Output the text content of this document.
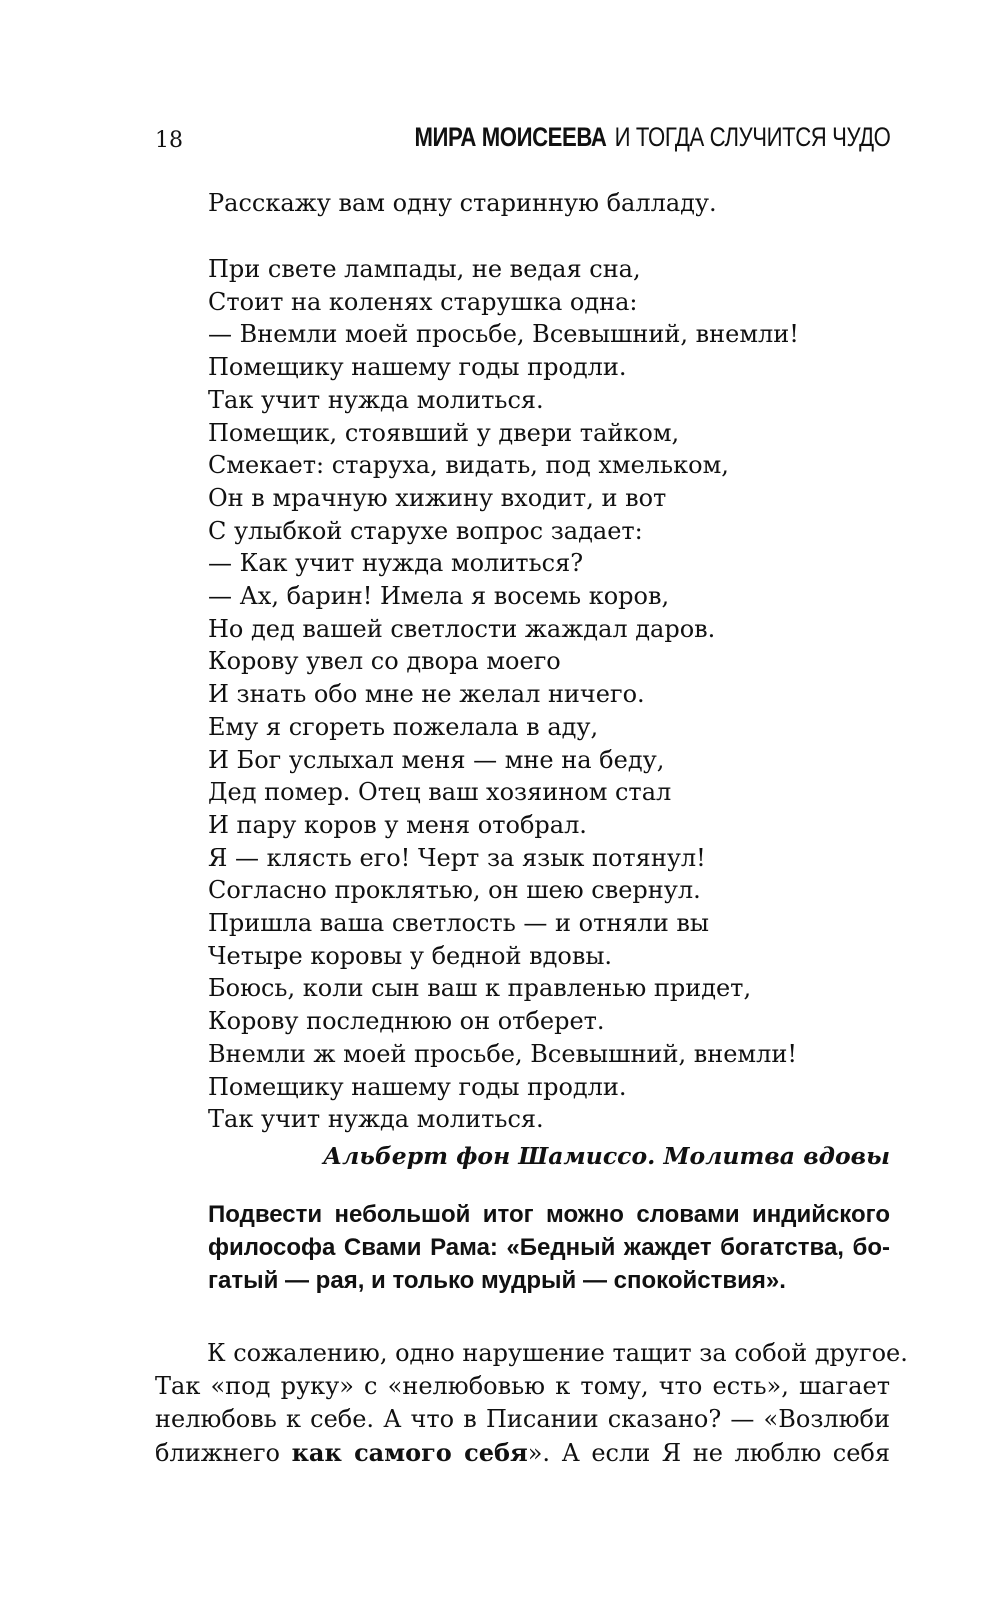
18	МИРА МОИСЕЕВА И ТОГДА СЛУЧИТСЯ ЧУДО
Расскажу вам одну старинную балладу.
При свете лампады, не ведая сна,
Стоит на коленях старушка одна:
— Внемли моей просьбе, Всевышний, внемли!
Помещику нашему годы продли.
Так учит нужда молиться.
Помещик, стоявший у двери тайком,
Смекает: старуха, видать, под хмельком,
Он в мрачную хижину входит, и вот
С улыбкой старухе вопрос задает:
— Как учит нужда молиться?
— Ах, барин! Имела я восемь коров,
Но дед вашей светлости жаждал даров.
Корову увел со двора моего
И знать обо мне не желал ничего.
Ему я сгореть пожелала в аду,
И Бог услыхал меня — мне на беду,
Дед помер. Отец ваш хозяином стал
И пару коров у меня отобрал.
Я — клясть его! Черт за язык потянул!
Согласно проклятью, он шею свернул.
Пришла ваша светлость — и отняли вы
Четыре коровы у бедной вдовы.
Боюсь, коли сын ваш к правленью придет,
Корову последнюю он отберет.
Внемли ж моей просьбе, Всевышний, внемли!
Помещику нашему годы продли.
Так учит нужда молиться.
Альберт фон Шамиссо. Молитва вдовы
Подвести небольшой итог можно словами индийского
философа Свами Рама: «Бедный жаждет богатства, бо-
гатый — рая, и только мудрый — спокойствия».
К сожалению, одно нарушение тащит за собой другое.
Так «под руку» с «нелюбовью к тому, что есть», шагает
нелюбовь к себе. А что в Писании сказано? — «Возлюби
ближнего как самого себя». А если Я не люблю себя
